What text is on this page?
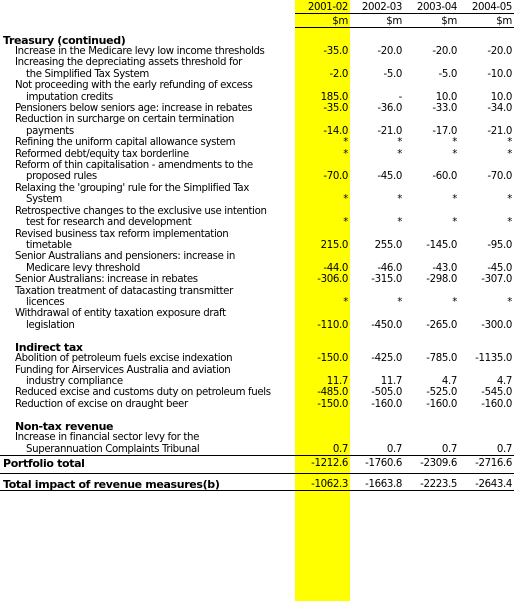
	2001-02	2002-03	2003-04	2004-05
	$m	$m	$m	$m

Treasury (continued)				
Increase in the Medicare levy low income thresholds	-35.0	-20.0	-20.0	-20.0
Increasing the depreciating assets threshold for				
the Simplified Tax System	-2.0	-5.0	-5.0	-10.0
Not proceeding with the early refunding of excess				
imputation credits	185.0	-	10.0	10.0
Pensioners below seniors age: increase in rebates	-35.0	-36.0	-33.0	-34.0
Reduction in surcharge on certain termination				
payments	-14.0	-21.0	-17.0	-21.0
Refining the uniform capital allowance system	*	*	*	*
Reformed debt/equity tax borderline	*	*	*	*
Reform of thin capitalisation - amendments to the				
proposed rules	-70.0	-45.0	-60.0	-70.0
Relaxing the 'grouping' rule for the Simplified Tax				
System	*	*	*	*
Retrospective changes to the exclusive use intention				
test for research and development	*	*	*	*
Revised business tax reform implementation				
timetable	215.0	255.0	-145.0	-95.0
Senior Australians and pensioners: increase in				
Medicare levy threshold	-44.0	-46.0	-43.0	-45.0
Senior Australians: increase in rebates	-306.0	-315.0	-298.0	-307.0
Taxation treatment of datacasting transmitter				
licences	*	*	*	*
Withdrawal of entity taxation exposure draft				
legislation	-110.0	-450.0	-265.0	-300.0

Indirect tax				
Abolition of petroleum fuels excise indexation	-150.0	-425.0	-785.0	-1135.0
Funding for Airservices Australia and aviation				
industry compliance	11.7	11.7	4.7	4.7
Reduced excise and customs duty on petroleum fuels	-485.0	-505.0	-525.0	-545.0
Reduction of excise on draught beer	-150.0	-160.0	-160.0	-160.0

Non-tax revenue				
Increase in financial sector levy for the				
Superannuation Complaints Tribunal	0.7	0.7	0.7	0.7
Portfolio total	-1212.6	-1760.6	-2309.6	-2716.6

Total impact of revenue measures(b)	-1062.3	-1663.8	-2223.5	-2643.4
